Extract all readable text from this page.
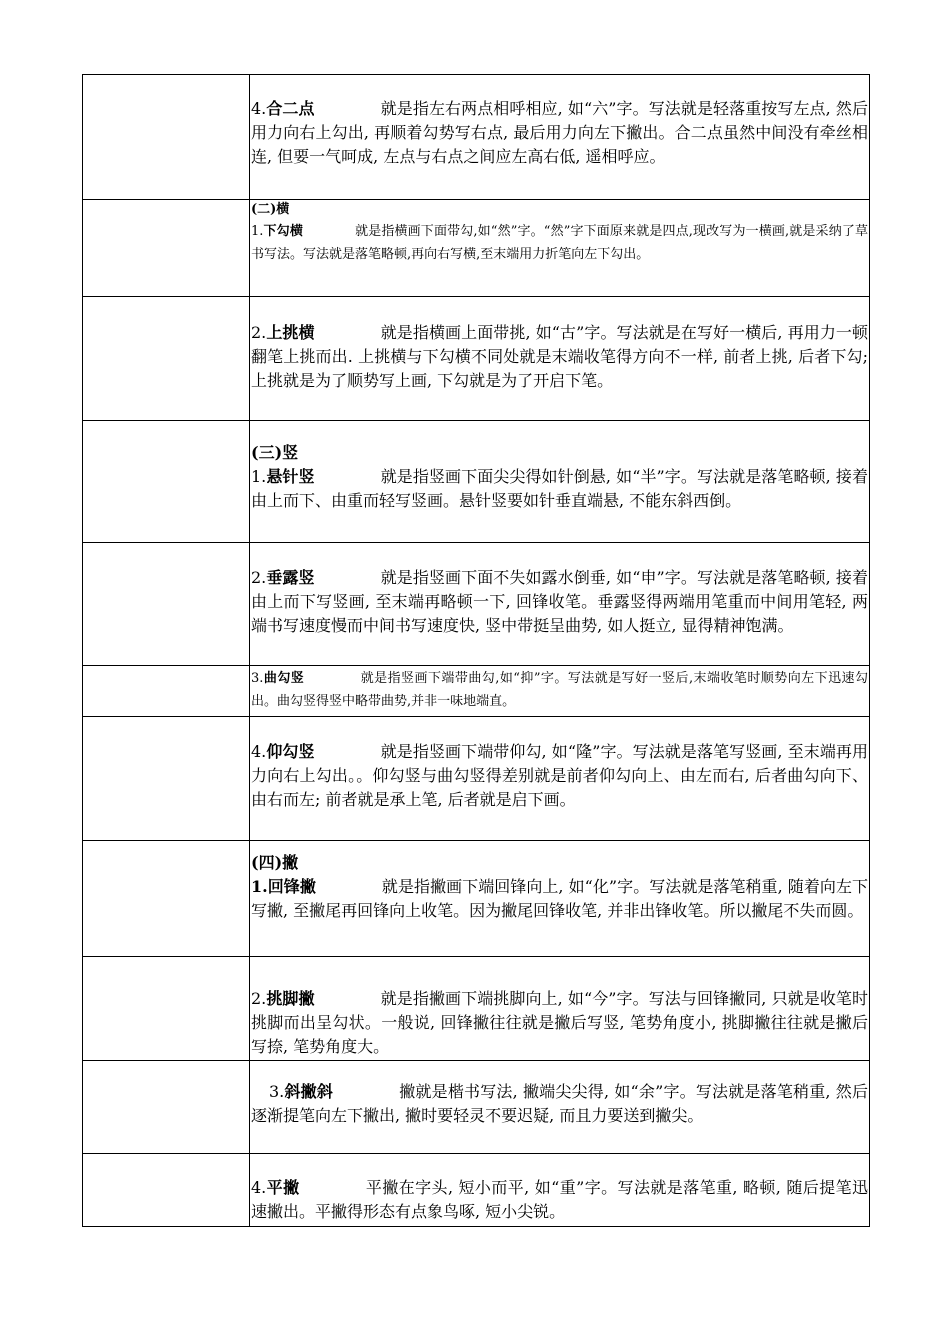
	4.合二点 就是指左右两点相呼相应, 如“六”字。写法就是轻落重按写左点, 然后用力向右上勾出, 再顺着勾势写右点, 最后用力向左下撇出。合二点虽然中间没有牵丝相连, 但要一气呵成, 左点与右点之间应左高右低, 遥相呼应。

	(二)横
1.下勾横 就是指横画下面带勾,如“然”字。“然”字下面原来就是四点,现改写为一横画,就是采纳了草书写法。写法就是落笔略顿,再向右写横,至末端用力折笔向左下勾出。

	2.上挑横 就是指横画上面带挑, 如“古”字。写法就是在写好一横后, 再用力一顿翻笔上挑而出. 上挑横与下勾横不同处就是末端收笔得方向不一样, 前者上挑, 后者下勾; 上挑就是为了顺势写上画, 下勾就是为了开启下笔。

	(三)竖
1.悬针竖 就是指竖画下面尖尖得如针倒悬, 如“半”字。写法就是落笔略顿, 接着由上而下、由重而轻写竖画。悬针竖要如针垂直端悬, 不能东斜西倒。

	2.垂露竖 就是指竖画下面不失如露水倒垂, 如“申”字。写法就是落笔略顿, 接着由上而下写竖画, 至末端再略顿一下, 回锋收笔。垂露竖得两端用笔重而中间用笔轻, 两端书写速度慢而中间书写速度快, 竖中带挺呈曲势, 如人挺立, 显得精神饱满。

	3.曲勾竖 就是指竖画下端带曲勾,如“抑”字。写法就是写好一竖后,末端收笔时顺势向左下迅速勾出。曲勾竖得竖中略带曲势,并非一味地端直。

	4.仰勾竖 就是指竖画下端带仰勾, 如“隆”字。写法就是落笔写竖画, 至末端再用力向右上勾出。。仰勾竖与曲勾竖得差别就是前者仰勾向上、由左而右, 后者曲勾向下、由右而左; 前者就是承上笔, 后者就是启下画。

	(四)撇
1.回锋撇 就是指撇画下端回锋向上, 如“化”字。写法就是落笔稍重, 随着向左下写撇, 至撇尾再回锋向上收笔。因为撇尾回锋收笔, 并非出锋收笔。所以撇尾不失而圆。

	2.挑脚撇 就是指撇画下端挑脚向上, 如“今”字。写法与回锋撇同, 只就是收笔时挑脚而出呈勾状。一般说, 回锋撇往往就是撇后写竖, 笔势角度小, 挑脚撇往往就是撇后写捺, 笔势角度大。

	3.斜撇斜 撇就是楷书写法, 撇端尖尖得, 如“余”字。写法就是落笔稍重, 然后逐渐提笔向左下撇出, 撇时要轻灵不要迟疑, 而且力要送到撇尖。

	4.平撇 平撇在字头, 短小而平, 如“重”字。写法就是落笔重, 略顿, 随后提笔迅速撇出。平撇得形态有点象鸟啄, 短小尖锐。
